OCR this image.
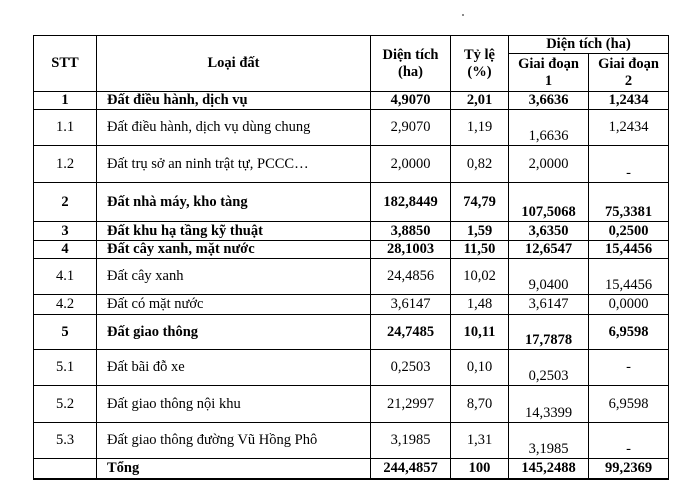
STT	Loại đất	Diện tích (ha)	Tỷ lệ (%)	Diện tích (ha)	
				Giai đoạn 1	Giai đoạn 2
1	Đất điều hành, dịch vụ	4,9070	2,01	3,6636	1,2434
1.1	Đất điều hành, dịch vụ dùng chung	2,9070	1,19	1,6636	1,2434
1.2	Đất trụ sở an ninh trật tự, PCCC…	2,0000	0,82	2,0000	-
2	Đất nhà máy, kho tàng	182,8449	74,79	107,5068	75,3381
3	Đất khu hạ tầng kỹ thuật	3,8850	1,59	3,6350	0,2500
4	Đất cây xanh, mặt nước	28,1003	11,50	12,6547	15,4456
4.1	Đất cây xanh	24,4856	10,02	9,0400	15,4456
4.2	Đất có mặt nước	3,6147	1,48	3,6147	0,0000
5	Đất giao thông	24,7485	10,11	17,7878	6,9598
5.1	Đất bãi đỗ xe	0,2503	0,10	0,2503	-
5.2	Đất giao thông nội khu	21,2997	8,70	14,3399	6,9598
5.3	Đất giao thông đường Vũ Hồng Phô	3,1985	1,31	3,1985	-
	Tổng	244,4857	100	145,2488	99,2369
